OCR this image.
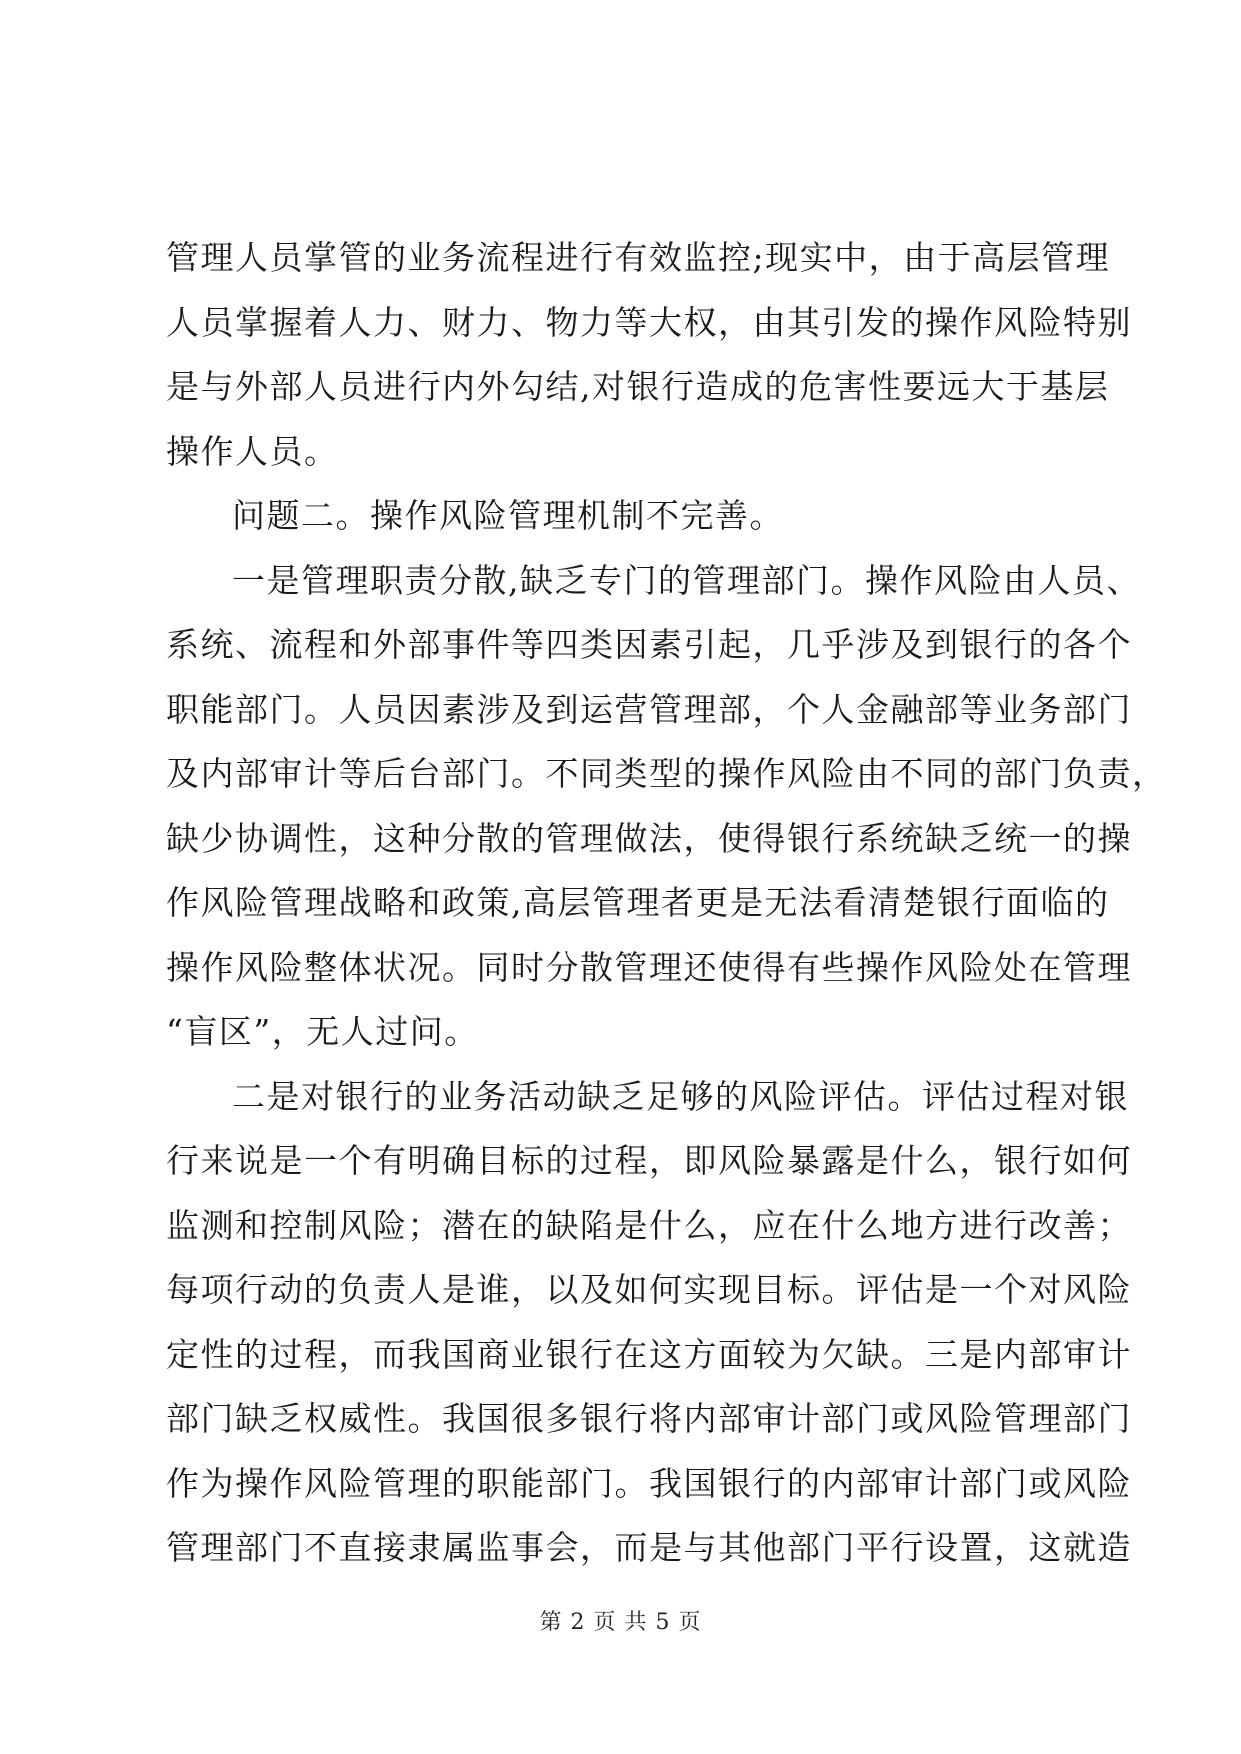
管理人员掌管的业务流程进行有效监控;现实中，由于高层管理
人员掌握着人力、财力、物力等大权，由其引发的操作风险特别
是与外部人员进行内外勾结,对银行造成的危害性要远大于基层
操作人员。
问题二。操作风险管理机制不完善。
一是管理职责分散,缺乏专门的管理部门。操作风险由人员、
系统、流程和外部事件等四类因素引起，几乎涉及到银行的各个
职能部门。人员因素涉及到运营管理部，个人金融部等业务部门
及内部审计等后台部门。不同类型的操作风险由不同的部门负责，
缺少协调性，这种分散的管理做法，使得银行系统缺乏统一的操
作风险管理战略和政策,高层管理者更是无法看清楚银行面临的
操作风险整体状况。同时分散管理还使得有些操作风险处在管理
“盲区”，无人过问。
二是对银行的业务活动缺乏足够的风险评估。评估过程对银
行来说是一个有明确目标的过程，即风险暴露是什么，银行如何
监测和控制风险；潜在的缺陷是什么，应在什么地方进行改善；
每项行动的负责人是谁，以及如何实现目标。评估是一个对风险
定性的过程，而我国商业银行在这方面较为欠缺。三是内部审计
部门缺乏权威性。我国很多银行将内部审计部门或风险管理部门
作为操作风险管理的职能部门。我国银行的内部审计部门或风险
管理部门不直接隶属监事会，而是与其他部门平行设置，这就造
第 2 页 共 5 页
